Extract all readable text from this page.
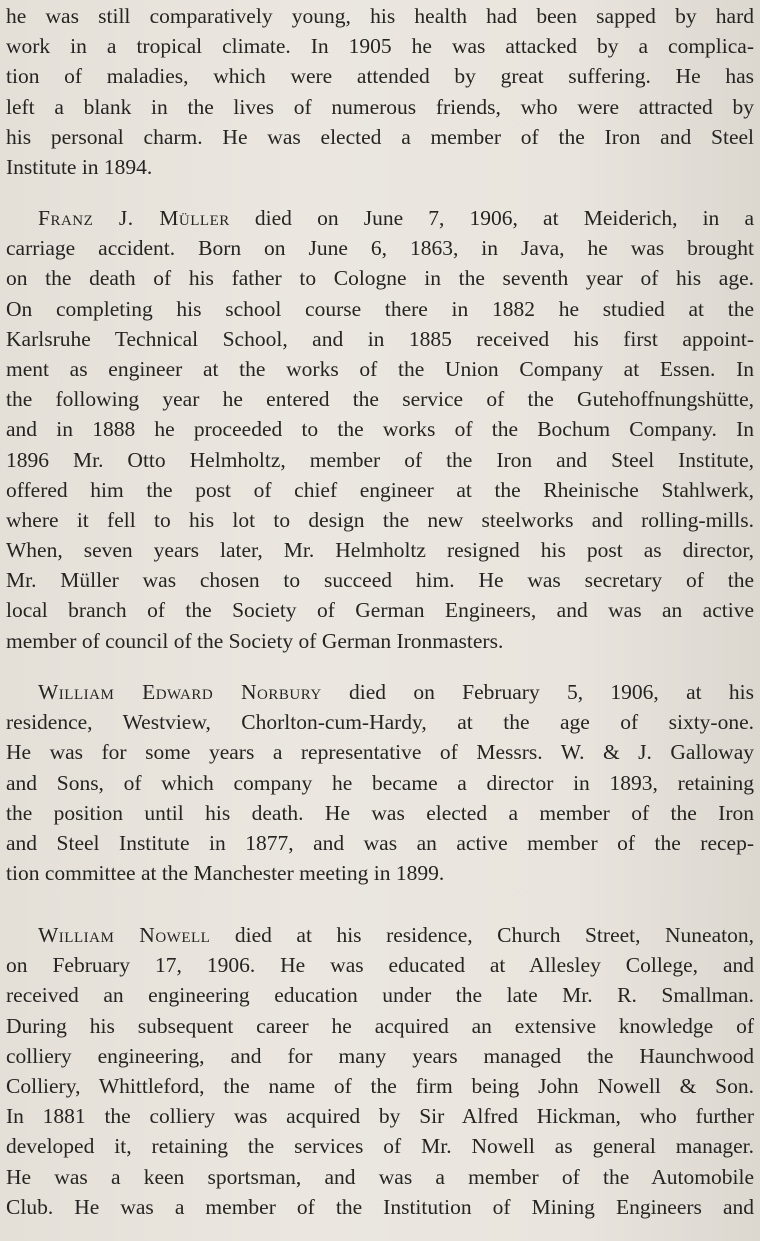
he was still comparatively young, his health had been sapped by hard
work in a tropical climate. In 1905 he was attacked by a complica-
tion of maladies, which were attended by great suffering. He has
left a blank in the lives of numerous friends, who were attracted by
his personal charm. He was elected a member of the Iron and Steel
Institute in 1894.
Franz J. Müller died on June 7, 1906, at Meiderich, in a
carriage accident. Born on June 6, 1863, in Java, he was brought
on the death of his father to Cologne in the seventh year of his age.
On completing his school course there in 1882 he studied at the
Karlsruhe Technical School, and in 1885 received his first appoint-
ment as engineer at the works of the Union Company at Essen. In
the following year he entered the service of the Gutehoffnungshütte,
and in 1888 he proceeded to the works of the Bochum Company. In
1896 Mr. Otto Helmholtz, member of the Iron and Steel Institute,
offered him the post of chief engineer at the Rheinische Stahlwerk,
where it fell to his lot to design the new steelworks and rolling-mills.
When, seven years later, Mr. Helmholtz resigned his post as director,
Mr. Müller was chosen to succeed him. He was secretary of the
local branch of the Society of German Engineers, and was an active
member of council of the Society of German Ironmasters.
William Edward Norbury died on February 5, 1906, at his
residence, Westview, Chorlton-cum-Hardy, at the age of sixty-one.
He was for some years a representative of Messrs. W. & J. Galloway
and Sons, of which company he became a director in 1893, retaining
the position until his death. He was elected a member of the Iron
and Steel Institute in 1877, and was an active member of the recep-
tion committee at the Manchester meeting in 1899.
William Nowell died at his residence, Church Street, Nuneaton,
on February 17, 1906. He was educated at Allesley College, and
received an engineering education under the late Mr. R. Smallman.
During his subsequent career he acquired an extensive knowledge of
colliery engineering, and for many years managed the Haunchwood
Colliery, Whittleford, the name of the firm being John Nowell & Son.
In 1881 the colliery was acquired by Sir Alfred Hickman, who further
developed it, retaining the services of Mr. Nowell as general manager.
He was a keen sportsman, and was a member of the Automobile
Club. He was a member of the Institution of Mining Engineers and
